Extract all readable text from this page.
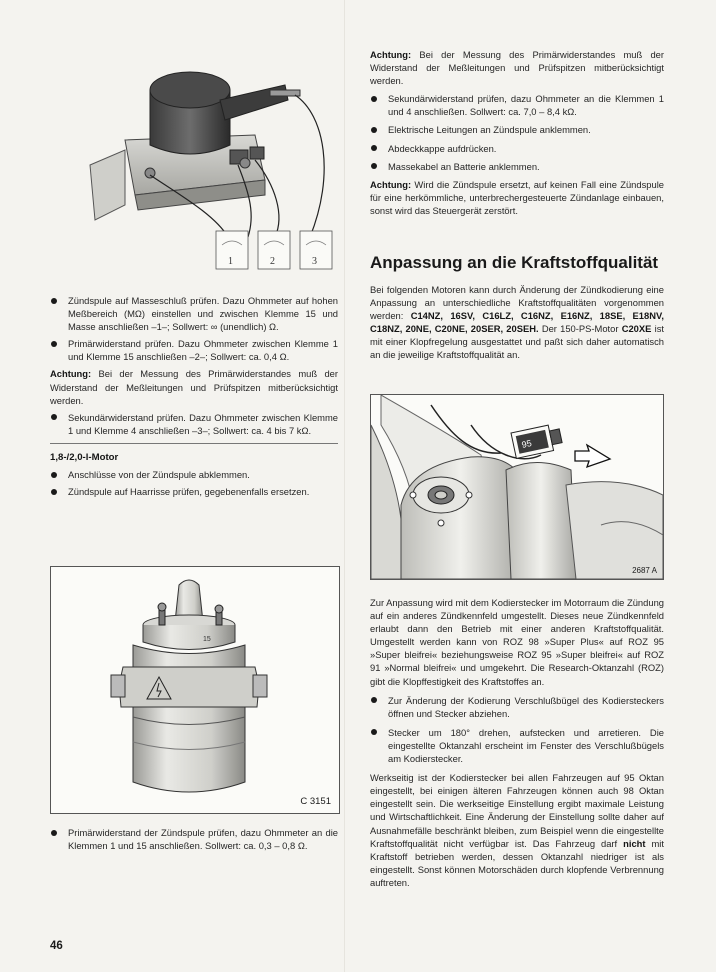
1	2	3
Zündspule auf Masseschluß prüfen. Dazu Ohmmeter auf hohen Meßbereich (MΩ) einstellen und zwischen Klemme 15 und Masse anschließen –1–; Sollwert: ∞ (unendlich) Ω.
Primärwiderstand prüfen. Dazu Ohmmeter zwischen Klemme 1 und Klemme 15 anschließen –2–; Sollwert: ca. 0,4 Ω.

Achtung: Bei der Messung des Primärwiderstandes muß der Widerstand der Meßleitungen und Prüfspitzen mitberücksichtigt werden.

Sekundärwiderstand prüfen. Dazu Ohmmeter zwischen Klemme 1 und Klemme 4 anschließen –3–; Sollwert: ca. 4 bis 7 kΩ.
1,8-/2,0-l-Motor
Anschlüsse von der Zündspule abklemmen.
Zündspule auf Haarrisse prüfen, gegebenenfalls ersetzen.
15
C 3151
Primärwiderstand der Zündspule prüfen, dazu Ohmmeter an die Klemmen 1 und 15 anschließen. Sollwert: ca. 0,3 – 0,8 Ω.

Achtung: Bei der Messung des Primärwiderstandes muß der Widerstand der Meßleitungen und Prüfspitzen mitberücksichtigt werden.

Sekundärwiderstand prüfen, dazu Ohmmeter an die Klemmen 1 und 4 anschließen. Sollwert: ca. 7,0 – 8,4 kΩ.
Elektrische Leitungen an Zündspule anklemmen.
Abdeckkappe aufdrücken.
Massekabel an Batterie anklemmen.

Achtung: Wird die Zündspule ersetzt, auf keinen Fall eine Zündspule für eine herkömmliche, unterbrechergesteuerte Zündanlage einbauen, sonst wird das Steuergerät zerstört.

Anpassung an die Kraftstoffqualität

Bei folgenden Motoren kann durch Änderung der Zündkodierung eine Anpassung an unterschiedliche Kraftstoffqualitäten vorgenommen werden: C14NZ, 16SV, C16LZ, C16NZ, E16NZ, 18SE, E18NV, C18NZ, 20NE, C20NE, 20SER, 20SEH. Der 150-PS-Motor C20XE ist mit einer Klopfregelung ausgestattet und paßt sich daher automatisch an die jeweilige Kraftstoffqualität an.

95
2687 A

Zur Anpassung wird mit dem Kodierstecker im Motorraum die Zündung auf ein anderes Zündkennfeld umgestellt. Dieses neue Zündkennfeld erlaubt dann den Betrieb mit einer anderen Kraftstoffqualität. Umgestellt werden kann von ROZ 98 »Super Plus« auf ROZ 95 »Super bleifrei« beziehungsweise ROZ 95 »Super bleifrei« auf ROZ 91 »Normal bleifrei« und umgekehrt. Die Research-Oktanzahl (ROZ) gibt die Klopffestigkeit des Kraftstoffes an.

Zur Änderung der Kodierung Verschlußbügel des Kodiersteckers öffnen und Stecker abziehen.
Stecker um 180° drehen, aufstecken und arretieren. Die eingestellte Oktanzahl erscheint im Fenster des Verschlußbügels am Kodierstecker.

Werkseitig ist der Kodierstecker bei allen Fahrzeugen auf 95 Oktan eingestellt, bei einigen älteren Fahrzeugen können auch 98 Oktan eingestellt sein. Die werkseitige Einstellung ergibt maximale Leistung und Wirtschaftlichkeit. Eine Änderung der Einstellung sollte daher auf Ausnahmefälle beschränkt bleiben, zum Beispiel wenn die eingestellte Kraftstoffqualität nicht verfügbar ist. Das Fahrzeug darf nicht mit Kraftstoff betrieben werden, dessen Oktanzahl niedriger ist als eingestellt. Sonst können Motorschäden durch klopfende Verbrennung auftreten.

46
